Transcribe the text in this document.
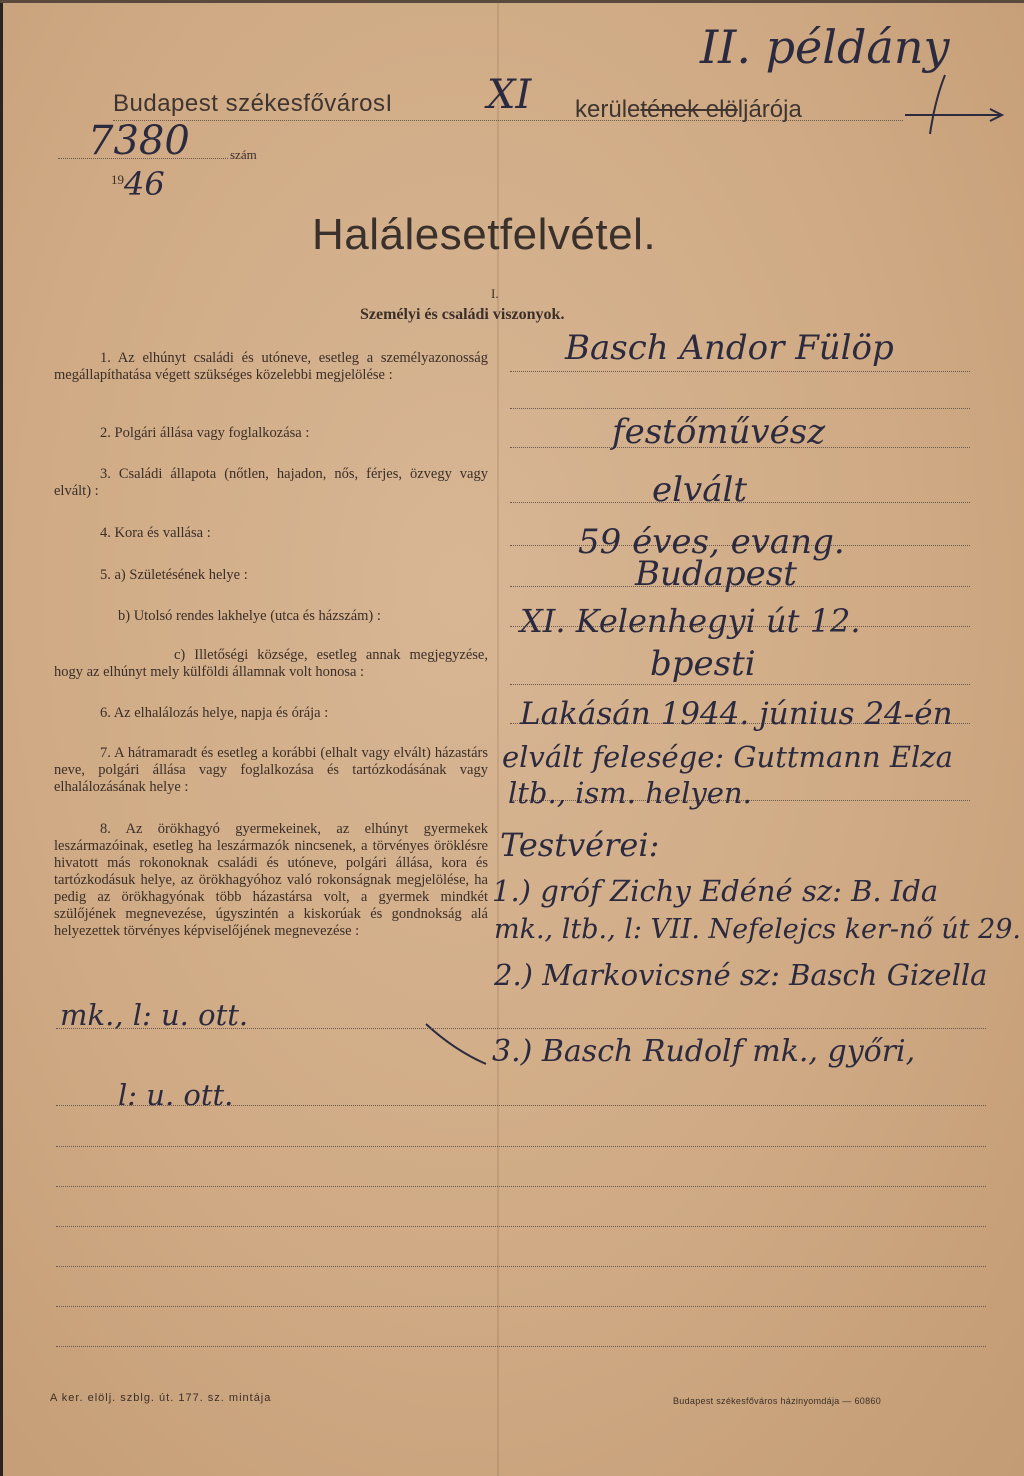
Budapest székesfővárosI XI kerületének elöljárója
II. példány
7380	szám
19 46
Halálesetfelvétel.
I.
Személyi és családi viszonyok.
1. Az elhúnyt családi és utóneve, esetleg a személyazonosság megállapíthatása végett szükséges közelebbi megjelölése :
2. Polgári állása vagy foglalkozása :
3. Családi állapota (nőtlen, hajadon, nős, férjes, özvegy vagy elvált) :
4. Kora és vallása :
5. a) Születésének helye :
b) Utolsó rendes lakhelye (utca és házszám) :
c) Illetőségi községe, esetleg annak megjegyzése, hogy az elhúnyt mely külföldi államnak volt honosa :
6. Az elhalálozás helye, napja és órája :
7. A hátramaradt és esetleg a korábbi (elhalt vagy elvált) házastárs neve, polgári állása vagy foglalkozása és tartózkodásának vagy elhalálozásának helye :
8. Az örökhagyó gyermekeinek, az elhúnyt gyermekek leszármazóinak, esetleg ha leszármazók nincsenek, a törvényes öröklésre hivatott más rokonoknak családi és utóneve, polgári állása, kora és tartózkodásuk helye, az örökhagyóhoz való rokonságnak megjelölése, ha pedig az örökhagyónak több házastársa volt, a gyermek mindkét szülőjének megnevezése, úgyszintén a kiskorúak és gondnokság alá helyezettek törvényes képviselőjének megnevezése :
Basch Andor Fülöp
festőművész
elvált
59 éves, evang.
Budapest
XI. Kelenhegyi út 12.
bpesti
Lakásán 1944. június 24-én
elvált felesége: Guttmann Elza
ltb., ism. helyen.
Testvérei:
1.) gróf Zichy Edéné sz: B. Ida
mk., ltb., l: VII. Nefelejcs ker-nő út 29.
2.) Markovicsné sz: Basch Gizella
3.) Basch Rudolf mk., győri,
mk., l: u. ott.
l: u. ott.
A ker. elölj. szblg. út. 177. sz. mintája	Budapest székesfőváros házinyomdája — 60860
